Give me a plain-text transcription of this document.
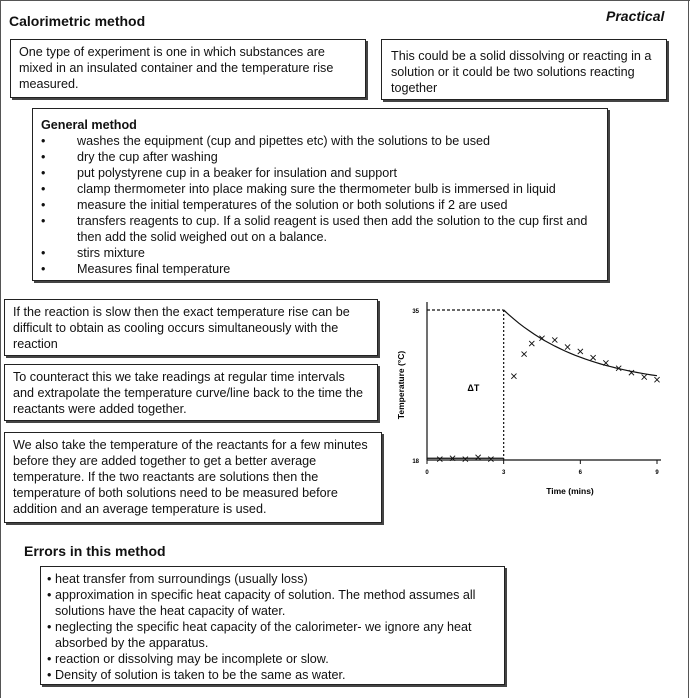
Calorimetric method	Practical
One type of experiment is one in which substances are mixed in an insulated container and the temperature rise measured.
This could be a solid dissolving or reacting in a solution or it could be two solutions reacting together
General method
• washes the equipment (cup and pipettes etc) with the solutions to be used
• dry the cup after washing
• put polystyrene cup in a beaker for insulation and support
• clamp thermometer into place making sure the thermometer bulb is immersed in liquid
• measure the initial temperatures of the solution or both solutions if 2 are used
• transfers reagents to cup. If a solid reagent is used then add the solution to the cup first and then add the solid weighed out on a balance.
• stirs mixture
• Measures final temperature
If the reaction is slow then the exact temperature rise can be difficult to obtain as cooling occurs simultaneously with the reaction
To counteract this we take readings at regular time intervals and extrapolate the temperature curve/line back to the time the reactants were added together.
We also take the temperature of the reactants for a few minutes before they are added together to get a better average temperature. If the two reactants are solutions then the temperature of both solutions need to be measured before addition and an average temperature is used.
35
18
0	3	6	9
Time (mins)
Temperature (°C)	ΔT
Errors in this method
• heat transfer from surroundings (usually loss)
• approximation in specific heat capacity of solution. The method assumes all solutions have the heat capacity of water.
• neglecting the specific heat capacity of the calorimeter- we ignore any heat absorbed by the apparatus.
• reaction or dissolving may be incomplete or slow.
• Density of solution is taken to be the same as water.
